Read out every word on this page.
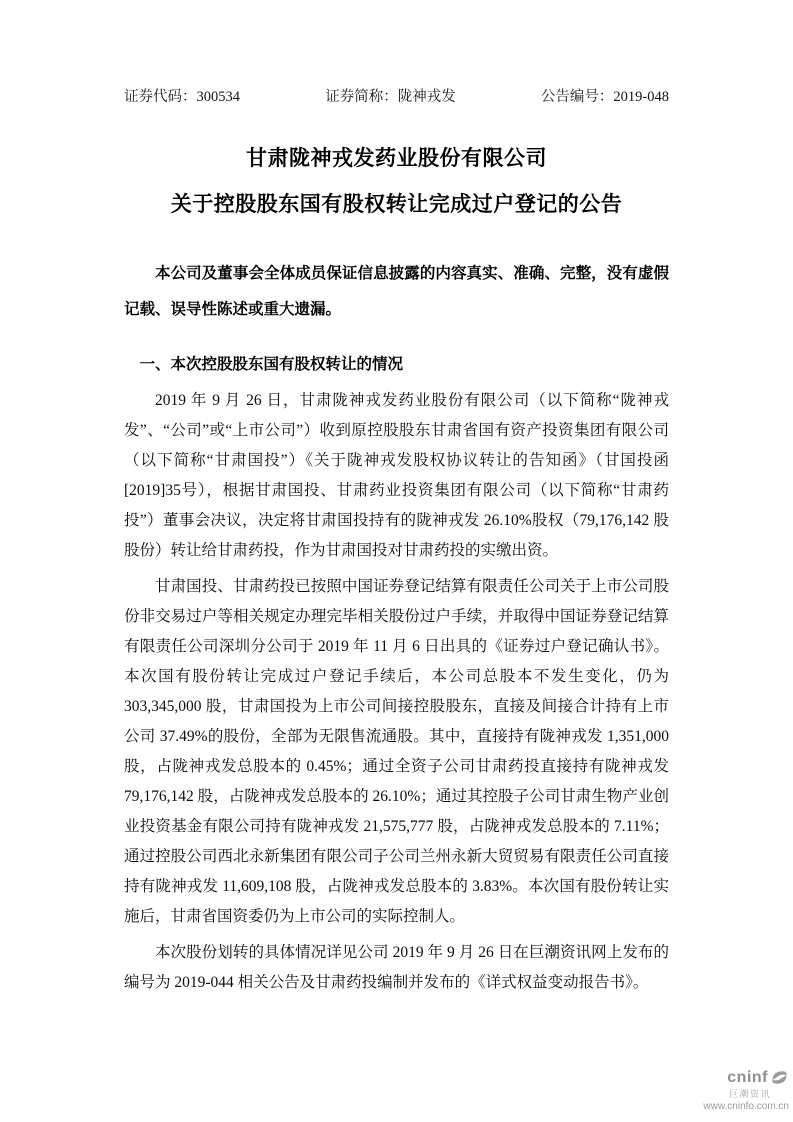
证券代码：300534	证券简称：陇神戎发	公告编号：2019-048
甘肃陇神戎发药业股份有限公司
关于控股股东国有股权转让完成过户登记的公告

本公司及董事会全体成员保证信息披露的内容真实、准确、完整，没有虚假记载、误导性陈述或重大遗漏。

一、本次控股股东国有股权转让的情况

2019 年 9 月 26 日，甘肃陇神戎发药业股份有限公司（以下简称“陇神戎发”、“公司”或“上市公司”）收到原控股股东甘肃省国有资产投资集团有限公司（以下简称“甘肃国投”）《关于陇神戎发股权协议转让的告知函》（甘国投函[2019]35号），根据甘肃国投、甘肃药业投资集团有限公司（以下简称“甘肃药投”）董事会决议，决定将甘肃国投持有的陇神戎发 26.10%股权（79,176,142 股股份）转让给甘肃药投，作为甘肃国投对甘肃药投的实缴出资。

甘肃国投、甘肃药投已按照中国证券登记结算有限责任公司关于上市公司股份非交易过户等相关规定办理完毕相关股份过户手续，并取得中国证券登记结算有限责任公司深圳分公司于 2019 年 11 月 6 日出具的《证券过户登记确认书》。本次国有股份转让完成过户登记手续后，本公司总股本不发生变化，仍为 303,345,000 股，甘肃国投为上市公司间接控股股东，直接及间接合计持有上市公司 37.49%的股份，全部为无限售流通股。其中，直接持有陇神戎发 1,351,000 股，占陇神戎发总股本的 0.45%；通过全资子公司甘肃药投直接持有陇神戎发 79,176,142 股，占陇神戎发总股本的 26.10%；通过其控股子公司甘肃生物产业创业投资基金有限公司持有陇神戎发 21,575,777 股，占陇神戎发总股本的 7.11%；通过控股公司西北永新集团有限公司子公司兰州永新大贸贸易有限责任公司直接持有陇神戎发 11,609,108 股，占陇神戎发总股本的 3.83%。本次国有股份转让实施后，甘肃省国资委仍为上市公司的实际控制人。

本次股份划转的具体情况详见公司 2019 年 9 月 26 日在巨潮资讯网上发布的编号为 2019-044 相关公告及甘肃药投编制并发布的《详式权益变动报告书》。

cninf
巨潮资讯
www.cninfo.com.cn
